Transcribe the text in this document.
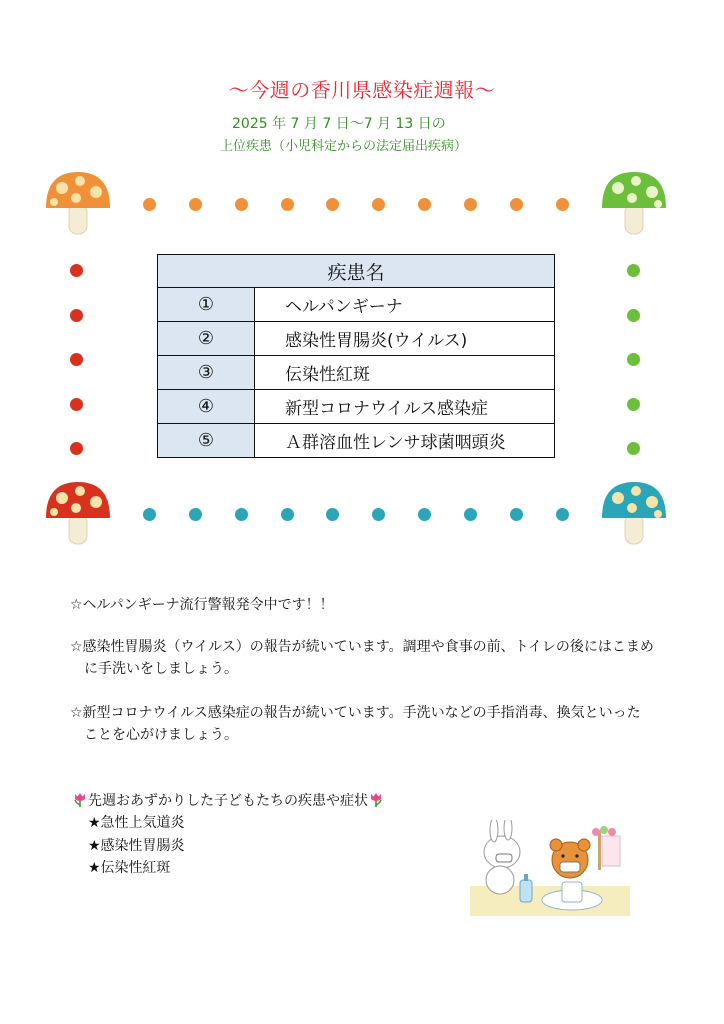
〜今週の香川県感染症週報〜
2025 年 7 月 7 日〜7 月 13 日の
上位疾患（小児科定からの法定届出疾病）
疾患名	
①	ヘルパンギーナ
②	感染性胃腸炎(ウイルス)
③	伝染性紅斑
④	新型コロナウイルス感染症
⑤	Ａ群溶血性レンサ球菌咽頭炎
☆ヘルパンギーナ流行警報発令中です！！
☆感染性胃腸炎（ウイルス）の報告が続いています。調理や食事の前、トイレの後にはこまめ
に手洗いをしましょう。
☆新型コロナウイルス感染症の報告が続いています。手洗いなどの手指消毒、換気といった
ことを心がけましょう。
先週おあずかりした子どもたちの疾患や症状
★急性上気道炎
★感染性胃腸炎
★伝染性紅斑
